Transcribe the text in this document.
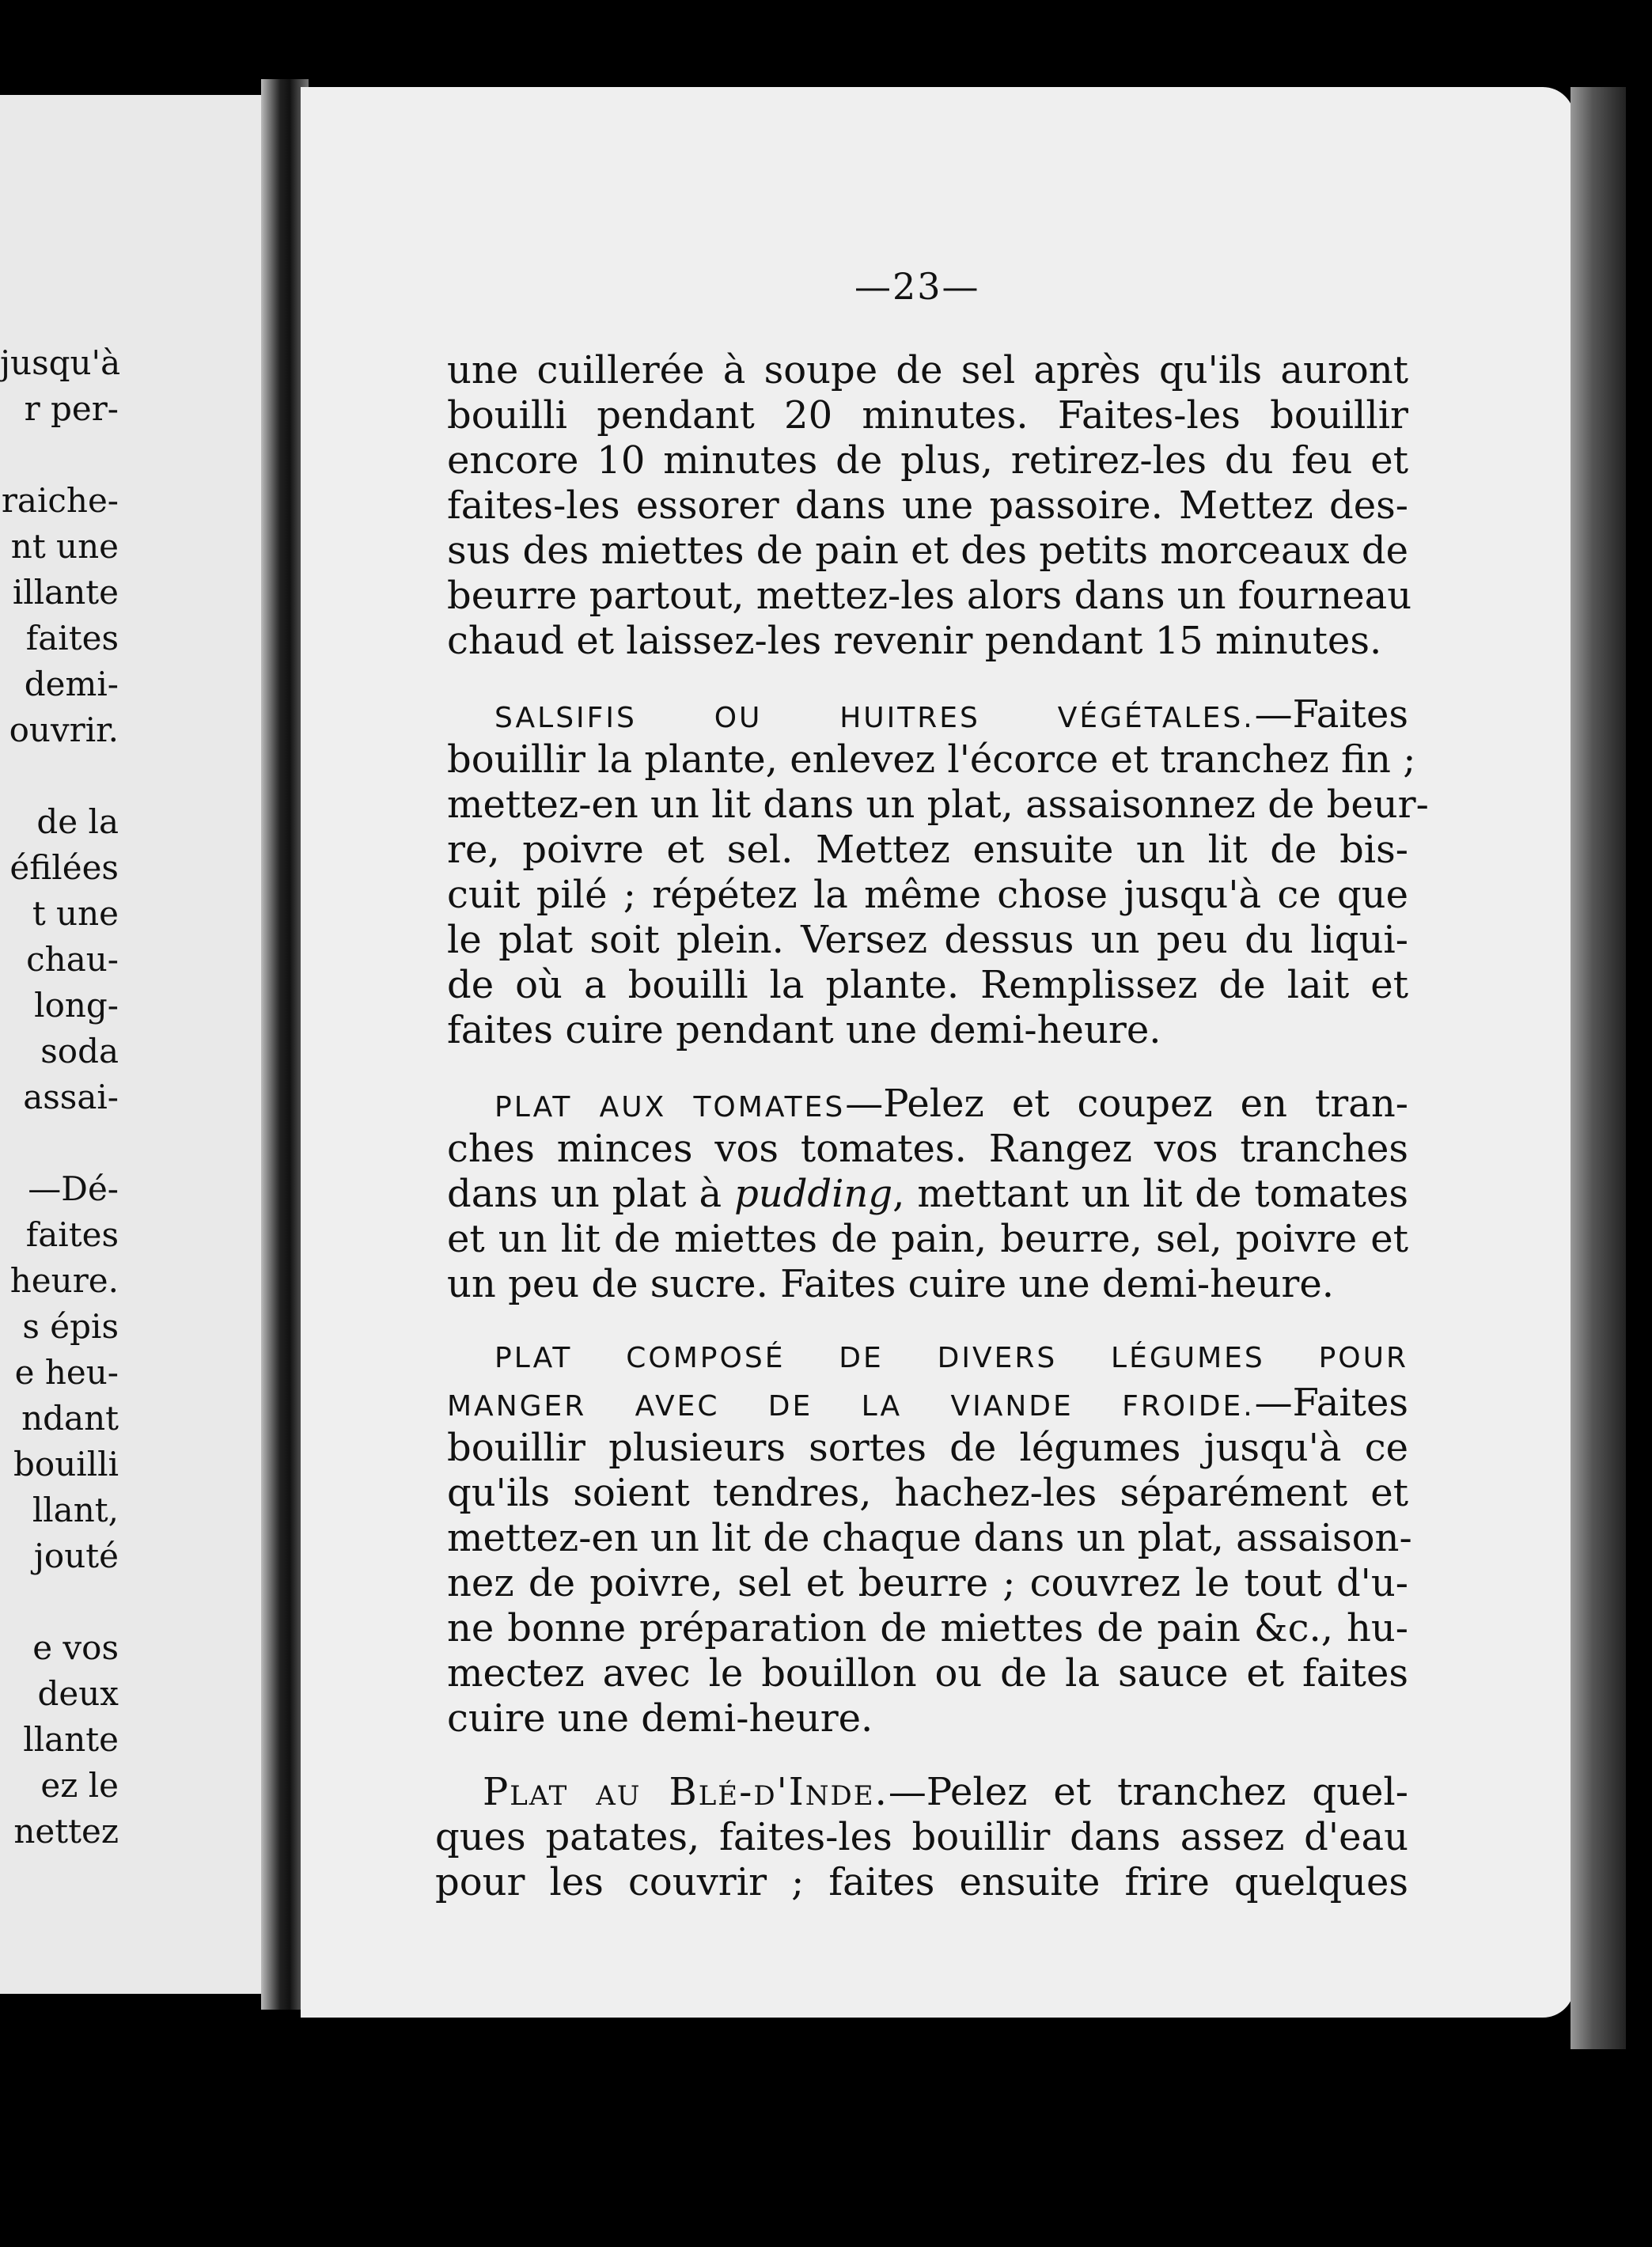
jusqu'à
r per-
raiche-
nt une
illante
faites
demi-
ouvrir.
de la
éfilées
t une
chau-
long-
soda
assai-
—Dé-
faites
heure.
s épis
e heu-
ndant
bouilli
llant,
jouté
e vos
deux
llante
ez le
nettez
—23—
une cuillerée à soupe de sel après qu'ils auront
bouilli pendant 20 minutes. Faites-les bouillir
encore 10 minutes de plus, retirez-les du feu et
faites-les essorer dans une passoire. Mettez des-
sus des miettes de pain et des petits morceaux de
beurre partout, mettez-les alors dans un fourneau
chaud et laissez-les revenir pendant 15 minutes.
SALSIFIS OU HUITRES VÉGÉTALES.—Faites
bouillir la plante, enlevez l'écorce et tranchez fin ;
mettez-en un lit dans un plat, assaisonnez de beur-
re, poivre et sel. Mettez ensuite un lit de bis-
cuit pilé ; répétez la même chose jusqu'à ce que
le plat soit plein. Versez dessus un peu du liqui-
de où a bouilli la plante. Remplissez de lait et
faites cuire pendant une demi-heure.
PLAT AUX TOMATES—Pelez et coupez en tran-
ches minces vos tomates. Rangez vos tranches
dans un plat à pudding, mettant un lit de tomates
et un lit de miettes de pain, beurre, sel, poivre et
un peu de sucre. Faites cuire une demi-heure.
PLAT COMPOSÉ DE DIVERS LÉGUMES POUR
MANGER AVEC DE LA VIANDE FROIDE.—Faites
bouillir plusieurs sortes de légumes jusqu'à ce
qu'ils soient tendres, hachez-les séparément et
mettez-en un lit de chaque dans un plat, assaison-
nez de poivre, sel et beurre ; couvrez le tout d'u-
ne bonne préparation de miettes de pain &c., hu-
mectez avec le bouillon ou de la sauce et faites
cuire une demi-heure.
Plat au Blé-d'Inde.—Pelez et tranchez quel-
ques patates, faites-les bouillir dans assez d'eau
pour les couvrir ; faites ensuite frire quelques
